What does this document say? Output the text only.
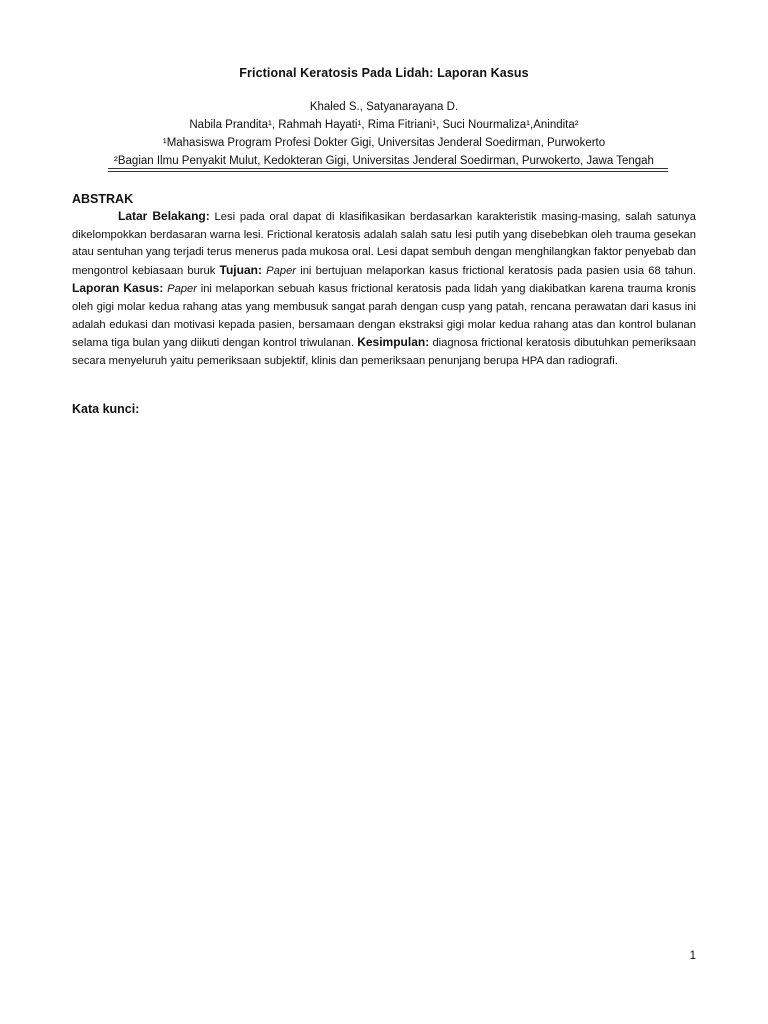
Frictional Keratosis Pada Lidah: Laporan Kasus
Khaled S., Satyanarayana D.
Nabila Prandita¹, Rahmah Hayati¹, Rima Fitriani¹, Suci Nourmaliza¹,Anindita²
¹Mahasiswa Program Profesi Dokter Gigi, Universitas Jenderal Soedirman, Purwokerto
²Bagian Ilmu Penyakit Mulut, Kedokteran Gigi, Universitas Jenderal Soedirman, Purwokerto, Jawa Tengah
ABSTRAK
Latar Belakang: Lesi pada oral dapat di klasifikasikan berdasarkan karakteristik masing-masing, salah satunya dikelompokkan berdasaran warna lesi. Frictional keratosis adalah salah satu lesi putih yang disebebkan oleh trauma gesekan atau sentuhan yang terjadi terus menerus pada mukosa oral. Lesi dapat sembuh dengan menghilangkan faktor penyebab dan mengontrol kebiasaan buruk Tujuan: Paper ini bertujuan melaporkan kasus frictional keratosis pada pasien usia 68 tahun. Laporan Kasus: Paper ini melaporkan sebuah kasus frictional keratosis pada lidah yang diakibatkan karena trauma kronis oleh gigi molar kedua rahang atas yang membusuk sangat parah dengan cusp yang patah, rencana perawatan dari kasus ini adalah edukasi dan motivasi kepada pasien, bersamaan dengan ekstraksi gigi molar kedua rahang atas dan kontrol bulanan selama tiga bulan yang diikuti dengan kontrol triwulanan. Kesimpulan: diagnosa frictional keratosis dibutuhkan pemeriksaan secara menyeluruh yaitu pemeriksaan subjektif, klinis dan pemeriksaan penunjang berupa HPA dan radiografi.
Kata kunci:
1
